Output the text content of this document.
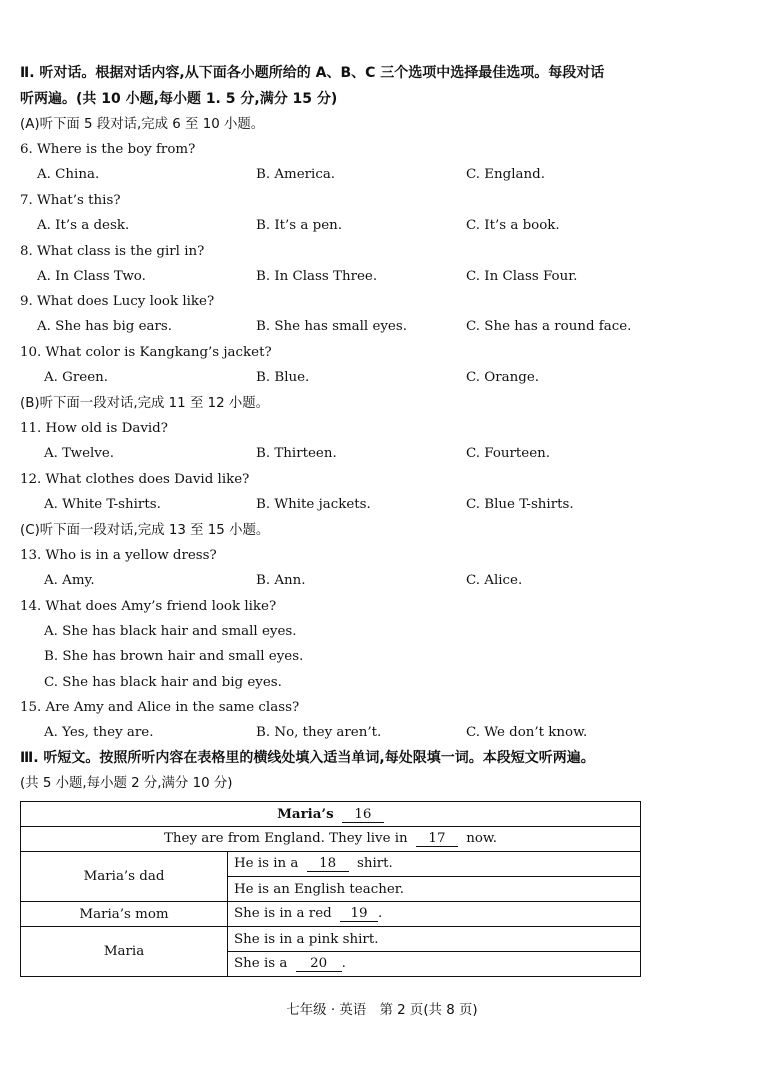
Ⅱ. 听对话。根据对话内容,从下面各小题所给的 A、B、C 三个选项中选择最佳选项。每段对话
听两遍。(共 10 小题,每小题 1. 5 分,满分 15 分)
(A)听下面 5 段对话,完成 6 至 10 小题。
6. Where is the boy from?
A. China.	B. America.	C. England.
7. What’s this?
A. It’s a desk.	B. It’s a pen.	C. It’s a book.
8. What class is the girl in?
A. In Class Two.	B. In Class Three.	C. In Class Four.
9. What does Lucy look like?
A. She has big ears.	B. She has small eyes.	C. She has a round face.
10. What color is Kangkang’s jacket?
A. Green.	B. Blue.	C. Orange.
(B)听下面一段对话,完成 11 至 12 小题。
11. How old is David?
A. Twelve.	B. Thirteen.	C. Fourteen.
12. What clothes does David like?
A. White T-shirts.	B. White jackets.	C. Blue T-shirts.
(C)听下面一段对话,完成 13 至 15 小题。
13. Who is in a yellow dress?
A. Amy.	B. Ann.	C. Alice.
14. What does Amy’s friend look like?
A. She has black hair and small eyes.
B. She has brown hair and small eyes.
C. She has black hair and big eyes.
15. Are Amy and Alice in the same class?
A. Yes, they are.	B. No, they aren’t.	C. We don’t know.
Ⅲ. 听短文。按照所听内容在表格里的横线处填入适当单词,每处限填一词。本段短文听两遍。
(共 5 小题,每小题 2 分,满分 10 分)
Maria’s 16	
They are from England. They live in 17 now.	
Maria’s dad	He is in a 18 shirt.
	He is an English teacher.
Maria’s mom	She is in a red 19 .
Maria	She is in a pink shirt.
	She is a 20 .
七年级 · 英语　第 2 页(共 8 页)
